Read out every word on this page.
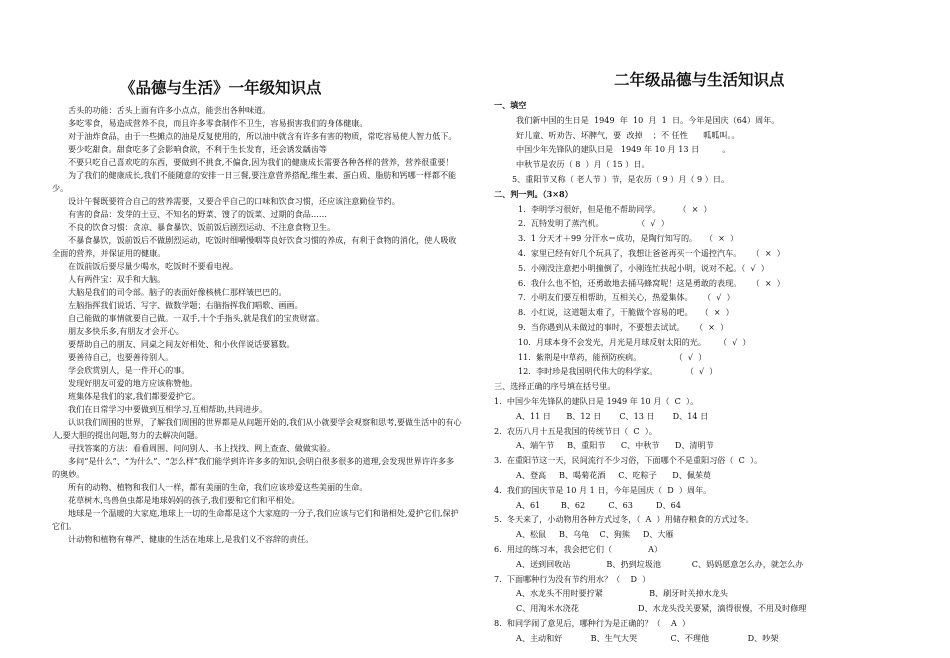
《品德与生活》一年级知识点

舌头的功能：舌头上面有许多小点点，能尝出各种味道。

多吃零食，易造成营养不良，而且许多零食制作不卫生，容易损害我们的身体健康。

对于油炸食品，由于一些摊点的油是反复使用的，所以油中就含有许多有害的物质，常吃容易使人智力低下。

要少吃甜食。甜食吃多了会影响食欲，不利于生长发育，还会诱发龋齿等

不要只吃自己喜欢吃的东西，要做到不挑食,不偏食,因为我们的健康成长需要各种各样的营养，营养很重要！

为了我们的健康成长,我们不能随意的安排一日三餐,要注意营养搭配,维生素、蛋白质、脂肪和钙哪一样都不能少。

设计午餐既要符合自己的营养需要，又要合乎自己的口味和饮食习惯，还应该注意勤俭节约。

有害的食品：发芽的土豆、不知名的野菜、馊了的饭菜、过期的食品……

不良的饮食习惯：贪凉、暴食暴饮、饭前饭后剧烈运动、不注意食物卫生。

不暴食暴饮，饭前饭后不做剧烈运动，吃饭时细嚼慢咽等良好饮食习惯的养成，有利于食物的消化，使人吸收全面的营养，并保证用的健康。

在饭前饭后要尽量少喝水，吃饭时不要看电视。

人有两件宝：双手和大脑。

大脑是我们的司令部。脑子的表面好像核桃仁那样皱巴巴的。

左脑指挥我们说话、写字、做数学题；右脑指挥我们唱歌、画画。

自己能做的事情就要自己做。一双手,十个手指头,就是我们的宝贵财富。

朋友多快乐多,有朋友才会开心。

要帮助自己的朋友、同桌之间友好相处、和小伙伴说话要篡数。

要善待自己，也要善待别人。

学会欣赏别人，是一件开心的事。

发现好朋友可爱的地方应该称赞他。

班集体是我们的家,我们都要爱护它。

我们在日常学习中要做到互相学习,互相帮助,共同进步。

认识我们周围的世界，了解我们周围的世界都是从问题开始的,我们从小就要学会观察和思考,要做生活中的有心人,要大胆的提出问题,努力的去解决问题。

寻找答案的方法：看看周围、问问别人、书上找找、网上查查、做做实验。

多问“是什么”、“为什么”、“怎么样”我们能学到许许多多的知识,会明白很多很多的道理,会发现世界许许多多的奥妙。

所有的动物、植物和我们人一样，都有美丽的生命，我们应该珍爱这些美丽的生命。

花草树木,鸟兽鱼虫都是地球妈妈的孩子,我们要和它们和平相处。

地球是一个温暖的大家庭,地球上一切的生命都是这个大家庭的一分子,我们应该与它们和谐相处,爱护它们,保护它们。

计动物和植物有尊严、健康的生活在地球上,是我们义不容辞的责任。

二年级品德与生活知识点
一、填空
我们新中国的生日是  1949  年  10  月  1  日。今年是国庆（64）周年。
好儿童、听劝告、坏脾气，要  改掉    ；不 任性      呱呱叫。。
中国少年先锋队的建队日是   1949 年 10 月 13 日         。
中秋节是农历（ 8  ）月（ 15 ）日。
5、重阳节又称（ 老人节 ）节，是农历（ 9 ）月（ 9 ）日。
二、判一判。（3×8）
1.  李明学习很好，但是他不帮助同学。       （  ×  ）
2.  瓦特发明了蒸汽机。             （  √  ）
3.  1 分天才＋99 分汗水＝成功，是陶行知写的。   （  ×  ）
4.  家里已经有好几个玩具了，我想让爸爸再买一个遥控汽车。    （  ×  ）
5.  小刚没注意把小明撞倒了，小刚连忙扶起小明，说对不起。（  √  ）
6.  我什么也不怕，还勇敢地去捅马蜂窝呢！这是勇敢的表现。    （  ×  ）
7.  小明友们要互相帮助，互相关心，热爱集体。    （  √  ）
8.  小红说，这道题太难了，干脆做个容易的吧。   （  ×  ）
9.  当你遇到从未做过的事时，不要想去试试。    （  ×  ）
10.  月球本身不会发光，月光是月球反射太阳的光。     （  √  ）
11.  紫荆是中草药，能预防疾病。             （  √  ）
12.  李时珍是我国明代伟大的科学家。           （  √  ）
三、选择正确的序号填在括号里。
1.  中国少年先锋队的建队日是 1949 年 10 月（  C  ）。
A、11 日      B、12 日       C、13 日       D、14 日
2.  农历八月十五是我国的传统节日（  C  ）。
A、端午节     B、重阳节      C、中秋节      D、清明节
3.  在重阳节这一天，民间流行不少习俗，下面哪个不是重阳习俗（  C  ）。
A、登高     B、喝菊花酒     C、吃粽子      D、佩茱萸
4.  我们的国庆节是 10 月 1 日，今年是国庆（  D  ）周年。
A、61        B、62         C、63         D、64
5.  冬天来了，小动物用各种方式过冬，（  A  ）用储存粮食的方式过冬。
A、松鼠     B、乌龟    C、狗熊     D、大雁
6.  用过的练习本，我会把它们（              A）
A、送到回收站              B、扔到垃圾池            C、妈妈愿意怎么办，就怎么办
7.  下面哪种行为没有节约用水？（    D  ）
A、水龙头不用时要拧紧                  B、刷牙时关掉水龙头
C、用淘米水浇花                       D、水龙头没关要紧，滴得很慢，不用及时修理
8.  和同学闹了意见后，哪种行为是正确的？（    A  ）
A、主动和好           B、生气大哭             C、不理他               D、吵架
